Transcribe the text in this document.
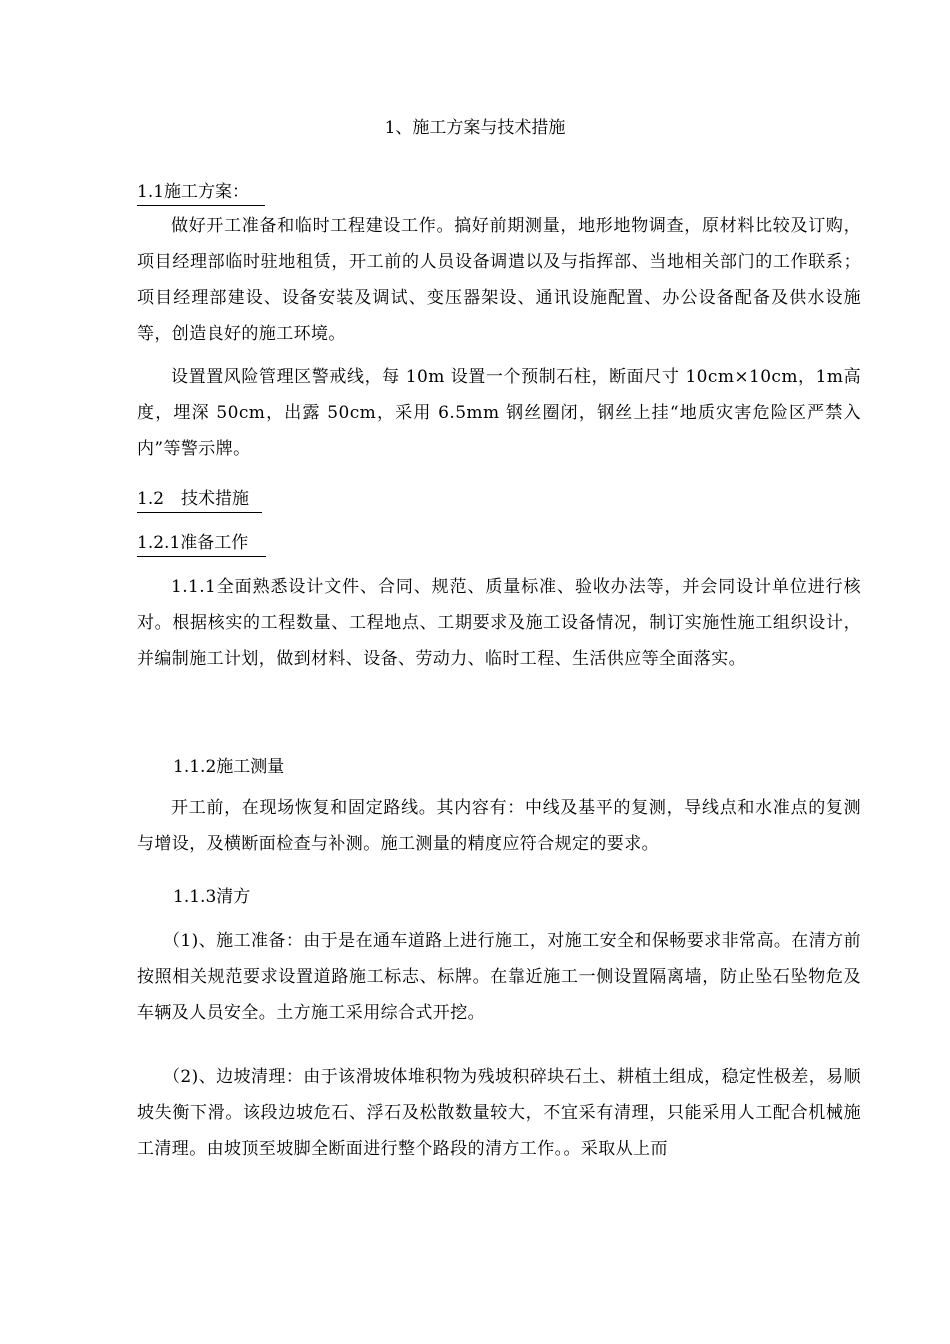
1、施工方案与技术措施
1.1施工方案：

做好开工准备和临时工程建设工作。搞好前期测量，地形地物调查，原材料比较及订购，项目经理部临时驻地租赁，开工前的人员设备调遣以及与指挥部、当地相关部门的工作联系；项目经理部建设、设备安装及调试、变压器架设、通讯设施配置、办公设备配备及供水设施等，创造良好的施工环境。

设置置风险管理区警戒线，每 10m 设置一个预制石柱，断面尺寸 10cm×10cm，1m高度，埋深 50cm，出露 50cm，采用 6.5mm 钢丝圈闭，钢丝上挂“地质灾害危险区严禁入内”等警示牌。

1.2　技术措施
1.2.1准备工作

1.1.1全面熟悉设计文件、合同、规范、质量标准、验收办法等，并会同设计单位进行核对。根据核实的工程数量、工程地点、工期要求及施工设备情况，制订实施性施工组织设计，并编制施工计划，做到材料、设备、劳动力、临时工程、生活供应等全面落实。

1.1.2施工测量

开工前，在现场恢复和固定路线。其内容有：中线及基平的复测，导线点和水准点的复测与增设，及横断面检查与补测。施工测量的精度应符合规定的要求。

1.1.3清方

（1)、施工准备：由于是在通车道路上进行施工，对施工安全和保畅要求非常高。在清方前按照相关规范要求设置道路施工标志、标牌。在靠近施工一侧设置隔离墙，防止坠石坠物危及车辆及人员安全。土方施工采用综合式开挖。

（2)、边坡清理：由于该滑坡体堆积物为残坡积碎块石土、耕植土组成，稳定性极差，易顺坡失衡下滑。该段边坡危石、浮石及松散数量较大，不宜采有清理，只能采用人工配合机械施工清理。由坡顶至坡脚全断面进行整个路段的清方工作。。采取从上而
